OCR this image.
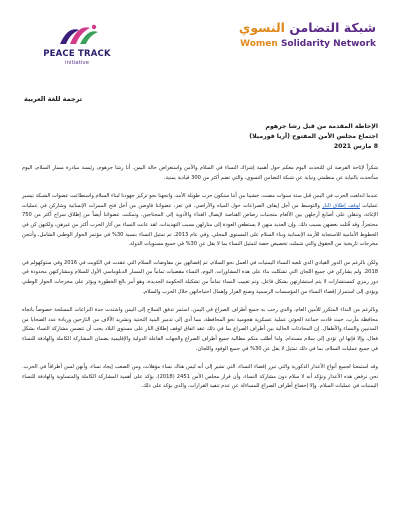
PEACE TRACK
initiative
شبكة التضامن النسوي
Women Solidarity Network
ترجمة للغة العربية
الإحاطة المقدمة من قبل رشا جرهوم
اجتماع مجلس الأمن المفتوح (أريا فورميلا)
8 مارس 2021

شكراً لإتاحة الفرصة لي للتحدث اليوم معكم حول أهمية إشراك النساء في السلام والأمن واستعراض حالة اليمن. أنا رشا جرهوم، رئيسة مبادرة مسار السلام، اليوم سأتحدث بالنيابة عن منظمتي ونيابة عن شبكة التضامن النسوي، والتي تضم أكثر من 300 قيادية يمنية.

عندما اندلعت الحرب في اليمن قبل ستة سنوات مضت، خشينا من أننا سنكون حرب طويلة الأمد، واتجهنا نحو تركيز جهودنا لبناء السلام واستطاعت عضوات الشبكة تيسير عمليات لوقف إطلاق النار والتوسط من أجل إيقاف الصراعات حول المياه والأراضي. في تعز، عضواتنا فاوضن من أجل فتح الممرات الإنسانية وشاركن في عمليات الإغاثة، وتنقلن على أصابع أرجلهن بين الألغام متجنبات رصاص القناصة لإيصال الغذاء والأدوية إلى المحتاجين. وتمكنت عضواتنا أيضاً من إطلاق سراح أكثر من 750 محتجزاً، وقد قُتلت بعضهن بسبب ذلك. وإن العديد منهن لا يستطعن العودة إلى منازلهن بسبب التهديدات. لقد عانت النساء من آثار الحرب أكثر من غيرهن، ولكنهن كن في الخطوط الأمامية للاستجابة للأزمة الإنسانية وبناء السلام على المستوى المحلي. وفي عام 2013، تم تمثيل النساء بنسبة 30% في مؤتمر الحوار الوطني الشامل، وأنتجن مخرجات تاريخية من الحقوق والتي شملت تخصيص حصة لتمثيل النساء بما لا يقل عن 30% في جميع مستويات الدولة.

ولكن بالرغم من الدور القيادي الذي تلعبه النساء اليمنيات في العمل نحو السلام، تم إقصائهن من مفاوضات السلام التي عقدت في الكويت في 2016 وفي ستوكهولم في 2018. ولم يشاركن في جميع اللجان التي تشكلت بناء على هذه المشاورات. اليوم، النساء مقصيات تماماً من المسار الدبلوماسي الأول للسلام ومشاركتهن محدودة في دور رمزي كمستشارات لا يتم استشارتهن بشكل فاعل. وتم تغييب النساء تماماً من تشكيلة الحكومة الجديدة، وهو أمر بالغ الخطورة ويؤثر على مخرجات الحوار الوطني ويؤدي إلى استمرار إقصاء النساء من المؤسسات الرسمية وصنع القرار وإهمال احتياجاتهن خلال الحرب والسلام.

وبالرغم من النداء المتكرر للأمين العام، والذي رحب به جميع أطراف الصراع في اليمن، استمر تدفق السلاح إلى اليمن واشتدت حدة النزاعات المسلحة خصوصاً باتجاه محافظة مأرب، حيث قادت جماعة الحوثي عملية عسكرية هجومية نحو المحافظة، مما أدى إلى تدمير البنية التحتية وتشريد الآلاف من النازحين وزيادة عدد الضحايا من المدنيين والنساء والأطفال. إن المحادثات الحالية بين أطراف الصراع بما في ذلك عقد اتفاق لوقف إطلاق النار على مستوى البلاد يجب أن تتضمن مشاركة النساء بشكل فعال، وإلا فإنها لن تؤدي إلى سلام مستدام. ولذا أطلب منكم مطالبة جميع أطراف الصراع والجهات الفاعلة الدولية والإقليمية بضمان المشاركة الكاملة والهادفة للنساء في جميع عمليات السلام، بما في ذلك تمثيل لا يقل عن 30% في جميع الوفود واللجان.

وقد استمعنا لجميع أنواع الأعذار الذكورية والتي تبرر إقصاء النساء، التي تشير إلى أنه ليس هناك نساء مؤهلات، ومن الصعب إيجاد نساء، وأنهن لسن أطرافاً في الحرب. نحن نرفض هذه الأعذار ونؤكد أنه لا سلام دون مشاركة النساء، وأن قرار مجلس الأمن 2451 (2018)، يؤكد على أهمية المشاركة الكاملة والمتساوية والهادفة للنساء اليمنيات في عمليات السلام. وإلا إخضاع أطراف الصراع للمساءلة عن عدم تنفيذ القرارات، والذي يؤكد على ذلك.
